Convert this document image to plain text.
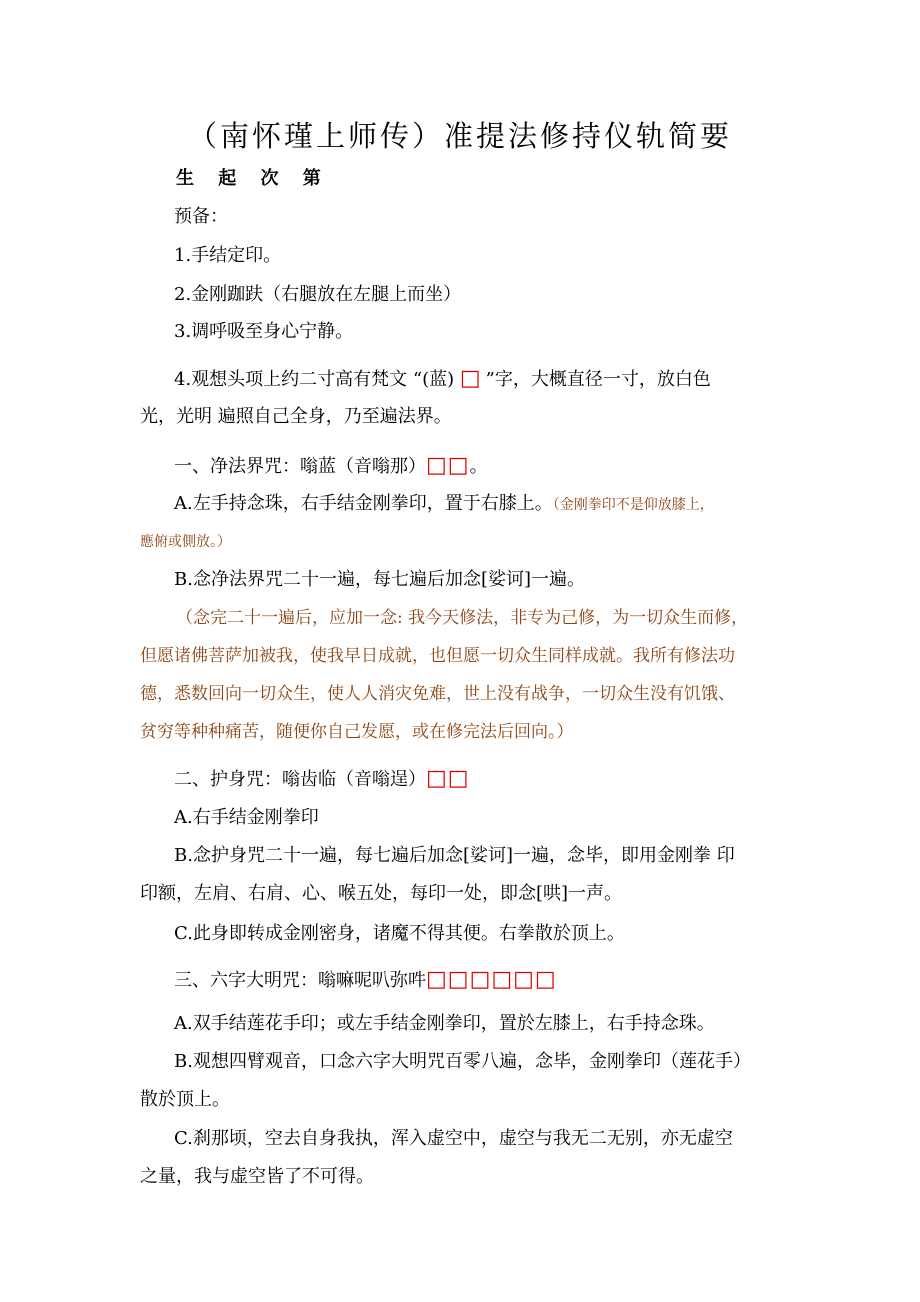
（南怀瑾上师传）准提法修持仪轨简要
生 起 次 第
预备：
1.手结定印。
2.金刚跏趺（右腿放在左腿上而坐）
3.调呼吸至身心宁静。
4.观想头项上约二寸高有梵文 “(蓝) □ ”字，大概直径一寸，放白色
光，光明 遍照自己全身，乃至遍法界。
一、净法界咒：嗡蓝（音嗡那）□□。
A.左手持念珠，右手结金刚拳印，置于右膝上。（金刚拳印不是仰放膝上，
應俯或側放。）
B.念净法界咒二十一遍，每七遍后加念[娑诃]一遍。
（念完二十一遍后，应加一念: 我今天修法，非专为己修，为一切众生而修，
但愿诸佛菩萨加被我，使我早日成就，也但愿一切众生同样成就。我所有修法功
德，悉数回向一切众生，使人人消灾免难，世上没有战争，一切众生没有饥饿、
贫穷等种种痛苦，随便你自己发愿，或在修完法后回向。）
二、护身咒：嗡齿临（音嗡逞）□□
A.右手结金刚拳印
B.念护身咒二十一遍，每七遍后加念[娑诃]一遍，念毕，即用金刚拳 印
印额，左肩、右肩、心、喉五处，每印一处，即念[哄]一声。
C.此身即转成金刚密身，诸魔不得其便。右拳散於顶上。
三、六字大明咒：嗡嘛呢叭弥吽□□□□□□
A.双手结莲花手印；或左手结金刚拳印，置於左膝上，右手持念珠。
B.观想四臂观音，口念六字大明咒百零八遍，念毕，金刚拳印（莲花手）
散於顶上。
C.刹那顷，空去自身我执，浑入虚空中，虚空与我无二无别，亦无虚空
之量，我与虚空皆了不可得。
